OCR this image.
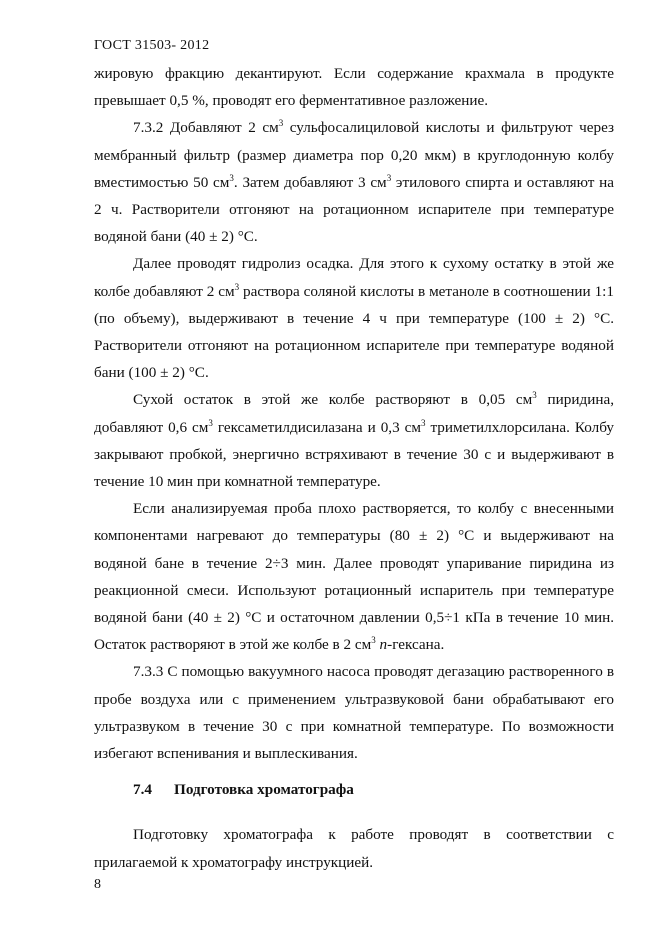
ГОСТ 31503- 2012

жировую фракцию декантируют. Если содержание крахмала в продукте превышает 0,5 %, проводят его ферментативное разложение.

7.3.2 Добавляют 2 $см^3$ сульфосалициловой кислоты и фильтруют через мембранный фильтр (размер диаметра пор 0,20 мкм) в круглодонную колбу вместимостью 50 $см^3$. Затем добавляют 3 $см^3$ этилового спирта и оставляют на 2 ч. Растворители отгоняют на ротационном испарителе при температуре водяной бани (40 ± 2) °С.

Далее проводят гидролиз осадка. Для этого к сухому остатку в этой же колбе добавляют 2 $см^3$ раствора соляной кислоты в метаноле в соотношении 1:1 (по объему), выдерживают в течение 4 ч при температуре (100 ± 2) °С. Растворители отгоняют на ротационном испарителе при температуре водяной бани (100 ± 2) °С.

Сухой остаток в этой же колбе растворяют в 0,05 $см^3$ пиридина, добавляют 0,6 $см^3$ гексаметилдисилазана и 0,3 $см^3$ триметилхлорсилана. Колбу закрывают пробкой, энергично встряхивают в течение 30 с и выдерживают в течение 10 мин при комнатной температуре.

Если анализируемая проба плохо растворяется, то колбу с внесенными компонентами нагревают до температуры (80 ± 2) °С и выдерживают на водяной бане в течение 2÷3 мин. Далее проводят упаривание пиридина из реакционной смеси. Используют ротационный испаритель при температуре водяной бани (40 ± 2) °С и остаточном давлении 0,5÷1 кПа в течение 10 мин. Остаток растворяют в этой же колбе в 2 $см^3$ n-гексана.

7.3.3 С помощью вакуумного насоса проводят дегазацию растворенного в пробе воздуха или с применением ультразвуковой бани обрабатывают его ультразвуком в течение 30 с при комнатной температуре. По возможности избегают вспенивания и выплескивания.

7.4 Подготовка хроматографа

Подготовку хроматографа к работе проводят в соответствии с прилагаемой к хроматографу инструкцией.

8
